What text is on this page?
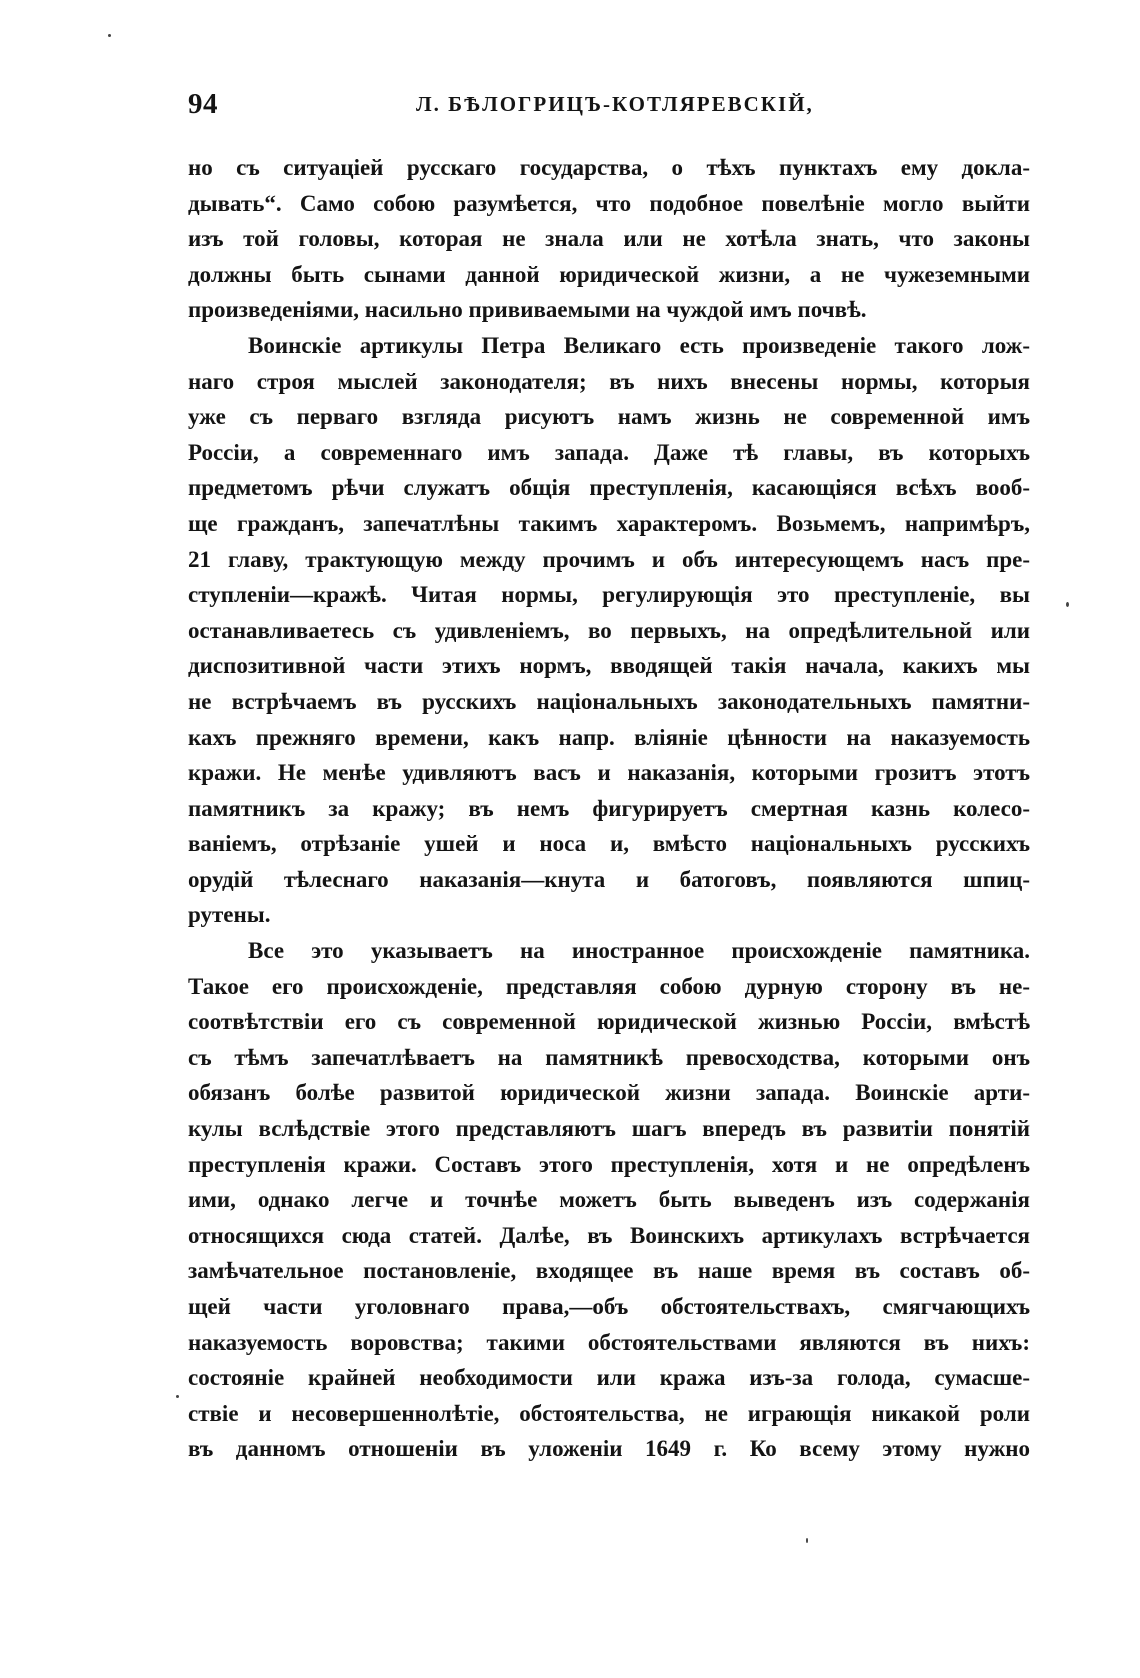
94	Л. БѢЛОГРИЦЪ-КОТЛЯРЕВСКІЙ,
но съ ситуаціей русскаго государства, о тѣхъ пунктахъ ему докла-
дывать“. Само собою разумѣется, что подобное повелѣніе могло выйти
изъ той головы, которая не знала или не хотѣла знать, что законы
должны быть сынами данной юридической жизни, а не чужеземными
произведеніями, насильно прививаемыми на чуждой имъ почвѣ.
Воинскіе артикулы Петра Великаго есть произведеніе такого лож-
наго строя мыслей законодателя; въ нихъ внесены нормы, которыя
уже съ перваго взгляда рисуютъ намъ жизнь не современной имъ
Россіи, а современнаго имъ запада. Даже тѣ главы, въ которыхъ
предметомъ рѣчи служатъ общія преступленія, касающіяся всѣхъ вооб-
ще гражданъ, запечатлѣны такимъ характеромъ. Возьмемъ, напримѣръ,
21 главу, трактующую между прочимъ и объ интересующемъ насъ пре-
ступленіи—кражѣ. Читая нормы, регулирующія это преступленіе, вы
останавливаетесь съ удивленіемъ, во первыхъ, на опредѣлительной или
диспозитивной части этихъ нормъ, вводящей такія начала, какихъ мы
не встрѣчаемъ въ русскихъ національныхъ законодательныхъ памятни-
кахъ прежняго времени, какъ напр. вліяніе цѣнности на наказуемость
кражи. Не менѣе удивляютъ васъ и наказанія, которыми грозитъ этотъ
памятникъ за кражу; въ немъ фигурируетъ смертная казнь колесо-
ваніемъ, отрѣзаніе ушей и носа и, вмѣсто національныхъ русскихъ
орудій тѣлеснаго наказанія—кнута и батоговъ, появляются шпиц-
рутены.
Все это указываетъ на иностранное происхожденіе памятника.
Такое его происхожденіе, представляя собою дурную сторону въ не-
соотвѣтствіи его съ современной юридической жизнью Россіи, вмѣстѣ
съ тѣмъ запечатлѣваетъ на памятникѣ превосходства, которыми онъ
обязанъ болѣе развитой юридической жизни запада. Воинскіе арти-
кулы вслѣдствіе этого представляютъ шагъ впередъ въ развитіи понятій
преступленія кражи. Составъ этого преступленія, хотя и не опредѣленъ
ими, однако легче и точнѣе можетъ быть выведенъ изъ содержанія
относящихся сюда статей. Далѣе, въ Воинскихъ артикулахъ встрѣчается
замѣчательное постановленіе, входящее въ наше время въ составъ об-
щей части уголовнаго права,—объ обстоятельствахъ, смягчающихъ
наказуемость воровства; такими обстоятельствами являются въ нихъ:
состояніе крайней необходимости или кража изъ-за голода, сумасше-
ствіе и несовершеннолѣтіе, обстоятельства, не играющія никакой роли
въ данномъ отношеніи въ уложеніи 1649 г. Ко всему этому нужно
